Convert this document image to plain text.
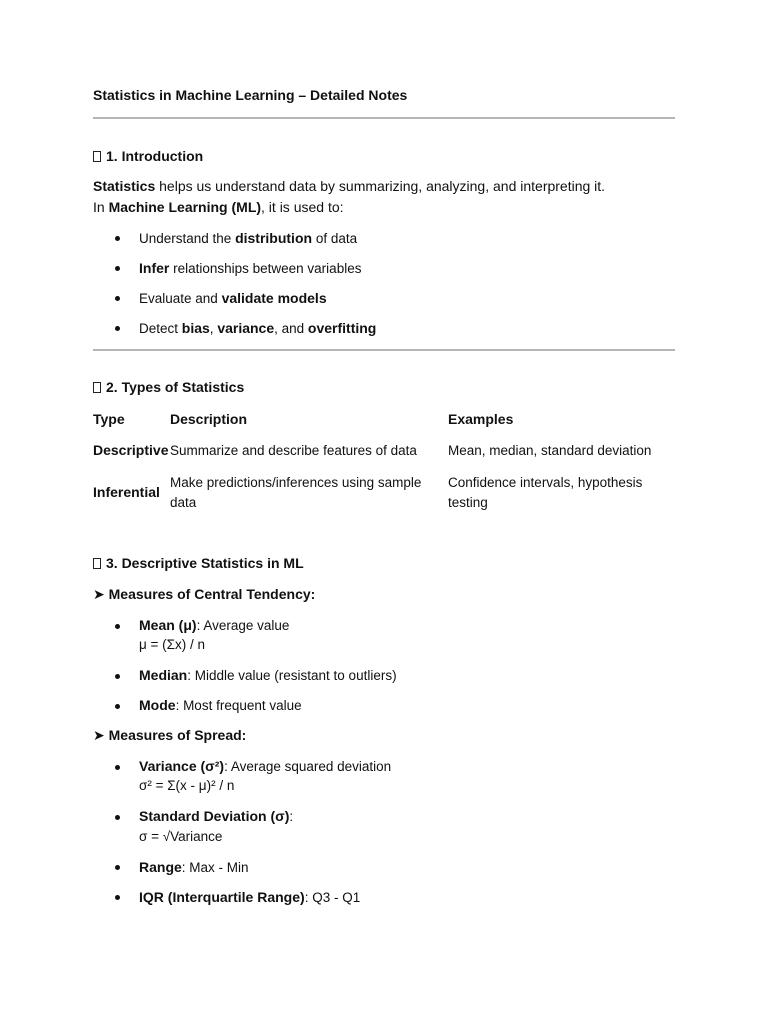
Statistics in Machine Learning – Detailed Notes
1. Introduction
Statistics helps us understand data by summarizing, analyzing, and interpreting it.
In Machine Learning (ML), it is used to:
Understand the distribution of data
Infer relationships between variables
Evaluate and validate models
Detect bias, variance, and overfitting
2. Types of Statistics
Type	Description	Examples
Descriptive Summarize and describe features of data Mean, median, standard deviation
Inferential
Make predictions/inferences using sample
data
Confidence intervals, hypothesis
testing
3. Descriptive Statistics in ML
➤ Measures of Central Tendency:
Mean (μ): Average value
μ = (Σx) / n
Median: Middle value (resistant to outliers)
Mode: Most frequent value
➤ Measures of Spread:
Variance (σ²): Average squared deviation
σ² = Σ(x - μ)² / n
Standard Deviation (σ):
σ = √Variance
Range: Max - Min
IQR (Interquartile Range): Q3 - Q1
